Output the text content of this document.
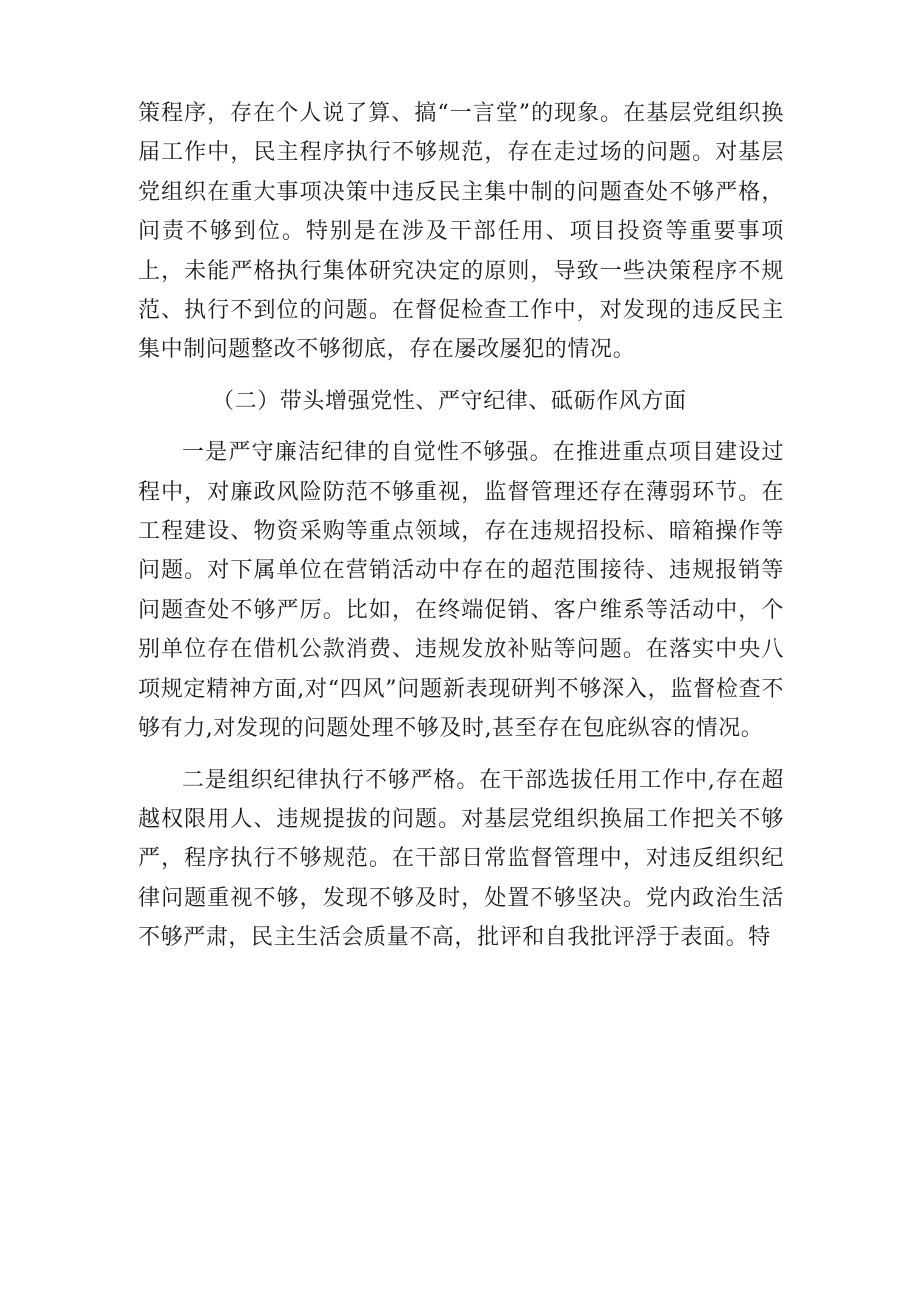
策程序，存在个人说了算、搞“一言堂”的现象。在基层党组织换届工作中，民主程序执行不够规范，存在走过场的问题。对基层党组织在重大事项决策中违反民主集中制的问题查处不够严格，问责不够到位。特别是在涉及干部任用、项目投资等重要事项上，未能严格执行集体研究决定的原则，导致一些决策程序不规范、执行不到位的问题。在督促检查工作中，对发现的违反民主集中制问题整改不够彻底，存在屡改屡犯的情况。

（二）带头增强党性、严守纪律、砥砺作风方面

一是严守廉洁纪律的自觉性不够强。在推进重点项目建设过程中，对廉政风险防范不够重视，监督管理还存在薄弱环节。在工程建设、物资采购等重点领域，存在违规招投标、暗箱操作等问题。对下属单位在营销活动中存在的超范围接待、违规报销等问题查处不够严厉。比如，在终端促销、客户维系等活动中，个别单位存在借机公款消费、违规发放补贴等问题。在落实中央八项规定精神方面,对“四风”问题新表现研判不够深入，监督检查不够有力,对发现的问题处理不够及时,甚至存在包庇纵容的情况。

二是组织纪律执行不够严格。在干部选拔任用工作中,存在超越权限用人、违规提拔的问题。对基层党组织换届工作把关不够严，程序执行不够规范。在干部日常监督管理中，对违反组织纪律问题重视不够，发现不够及时，处置不够坚决。党内政治生活不够严肃，民主生活会质量不高，批评和自我批评浮于表面。特
